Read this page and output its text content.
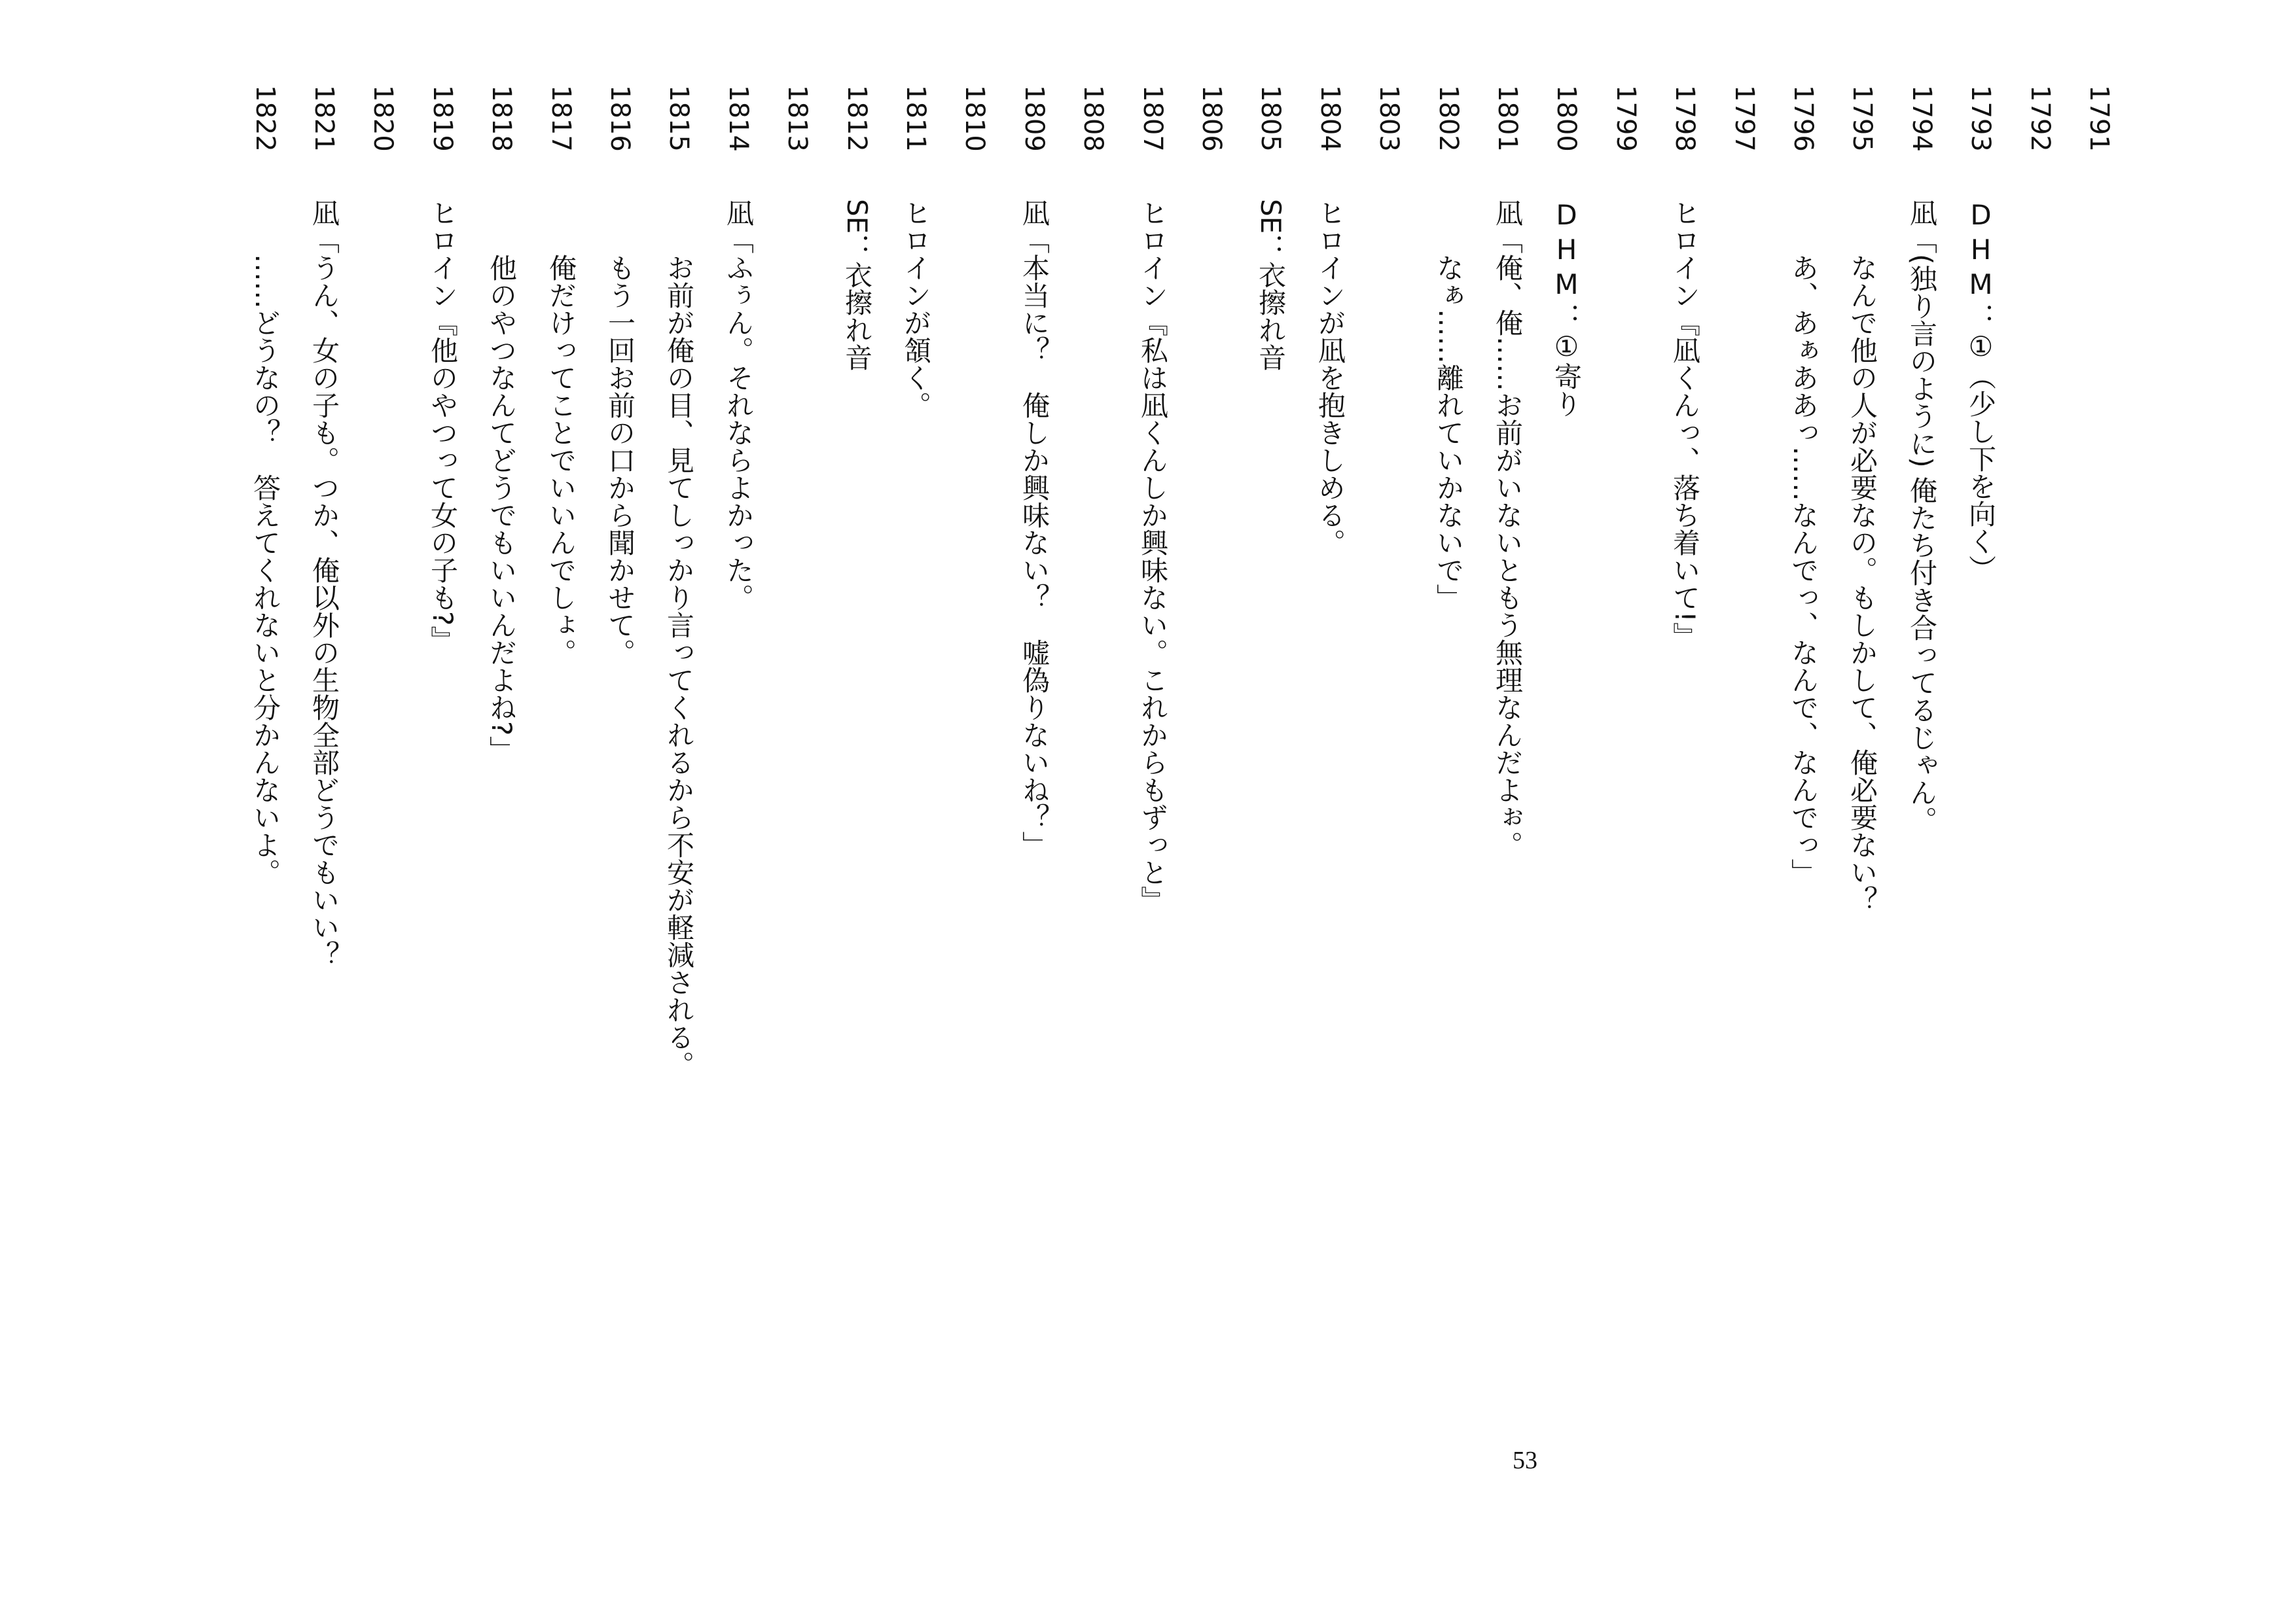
1791
1792
1793
DHM：①（少し下を向く）
1794
凪「(独り言のように) 俺たち付き合ってるじゃん。
1795
なんで他の人が必要なの。もしかして、俺必要ない？
1796
あ、あぁああっ……なんでっ、なんで、なんでっ」
1797
1798
ヒロイン『凪くんっ、落ち着いて!』
1799
1800
DHM：①寄り
1801
凪「俺、俺……お前がいないともう無理なんだよぉ。
1802
なぁ……離れていかないで」
1803
1804
ヒロインが凪を抱きしめる。
1805
SE：衣擦れ音
1806
1807
ヒロイン『私は凪くんしか興味ない。これからもずっと』
1808
1809
凪「本当に？　俺しか興味ない？　嘘偽りないね？」
1810
1811
ヒロインが頷く。
1812
SE：衣擦れ音
1813
1814
凪「ふぅん。それならよかった。
1815
お前が俺の目、見てしっかり言ってくれるから不安が軽減される。
1816
もう一回お前の口から聞かせて。
1817
俺だけってことでいいんでしょ。
1818
他のやつなんてどうでもいいんだよね?」
1819
ヒロイン『他のやつって女の子も?』
1820
1821
凪「うん、女の子も。つか、俺以外の生物全部どうでもいい？
1822
……どうなの？　答えてくれないと分かんないよ。
53
